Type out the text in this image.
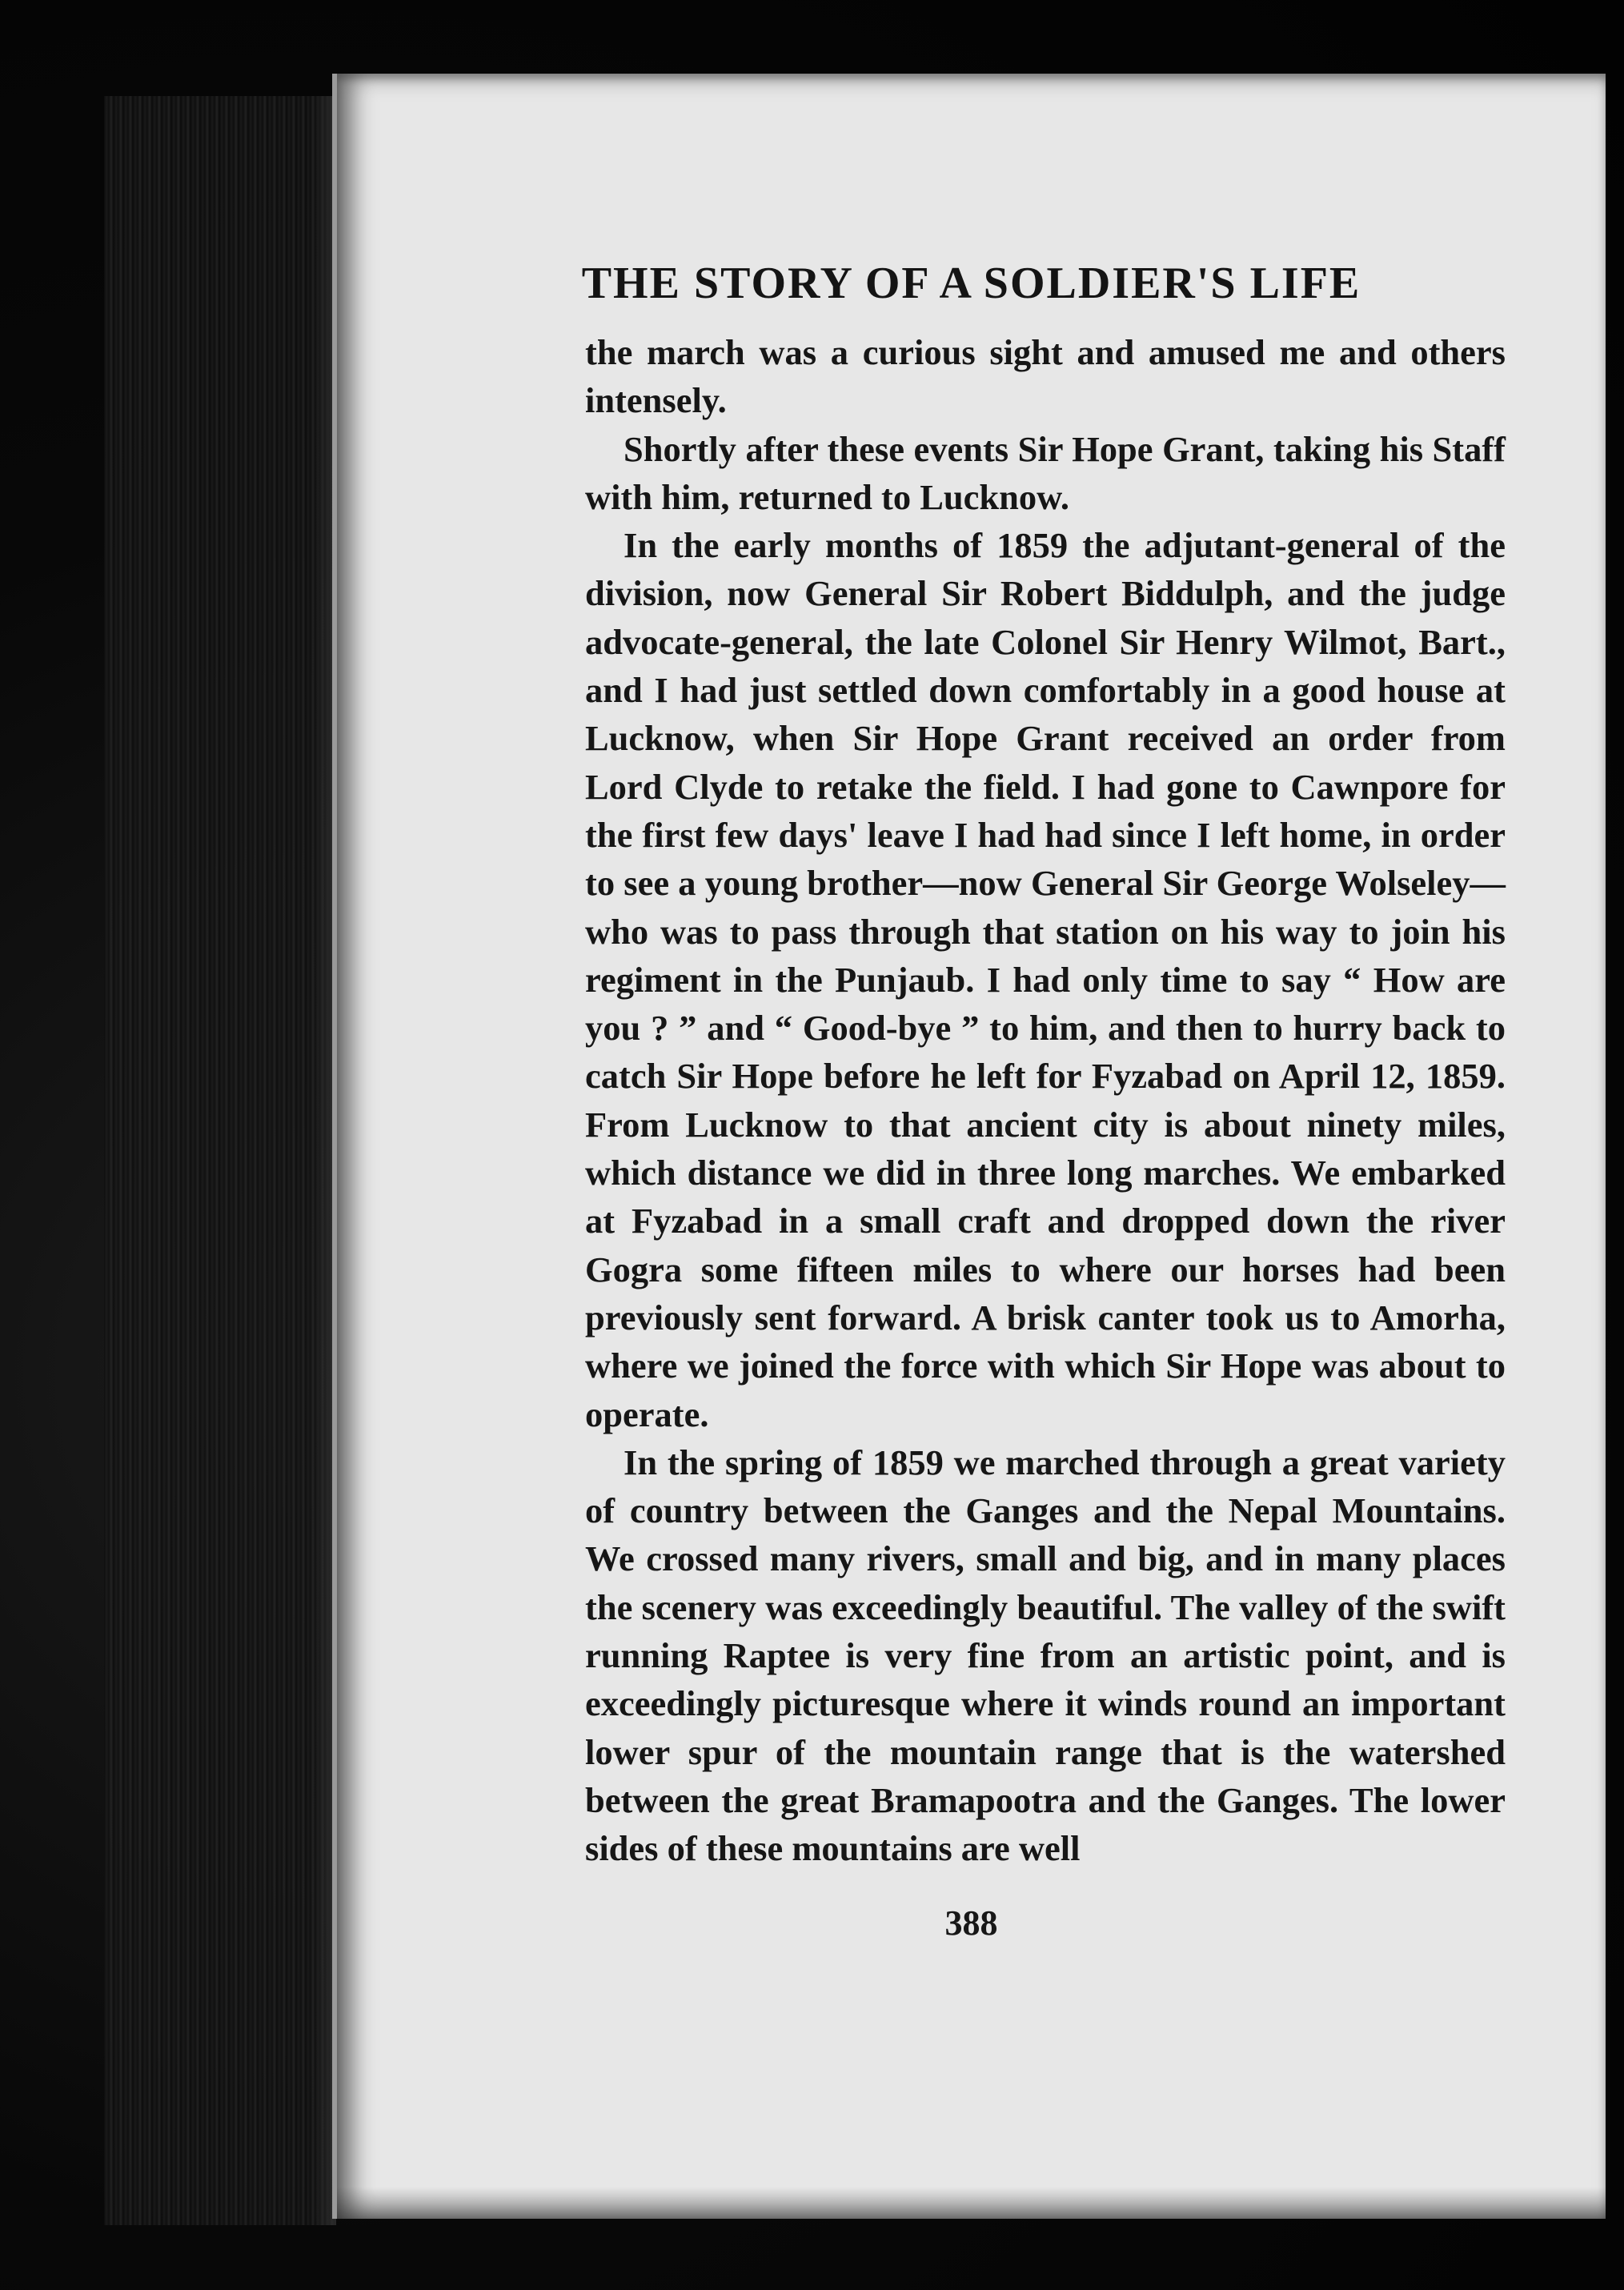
THE STORY OF A SOLDIER'S LIFE

the march was a curious sight and amused me and others intensely.

Shortly after these events Sir Hope Grant, taking his Staff with him, returned to Lucknow.

In the early months of 1859 the adjutant-general of the division, now General Sir Robert Biddulph, and the judge advocate-general, the late Colonel Sir Henry Wilmot, Bart., and I had just settled down comfortably in a good house at Lucknow, when Sir Hope Grant received an order from Lord Clyde to retake the field. I had gone to Cawnpore for the first few days' leave I had had since I left home, in order to see a young brother—now General Sir George Wolseley—who was to pass through that station on his way to join his regiment in the Punjaub. I had only time to say “ How are you ? ” and “ Good-bye ” to him, and then to hurry back to catch Sir Hope before he left for Fyzabad on April 12, 1859. From Lucknow to that ancient city is about ninety miles, which distance we did in three long marches. We embarked at Fyzabad in a small craft and dropped down the river Gogra some fifteen miles to where our horses had been previously sent forward. A brisk canter took us to Amorha, where we joined the force with which Sir Hope was about to operate.

In the spring of 1859 we marched through a great variety of country between the Ganges and the Nepal Mountains. We crossed many rivers, small and big, and in many places the scenery was exceedingly beautiful. The valley of the swift running Raptee is very fine from an artistic point, and is exceedingly picturesque where it winds round an important lower spur of the mountain range that is the watershed between the great Bramapootra and the Ganges. The lower sides of these mountains are well

388
